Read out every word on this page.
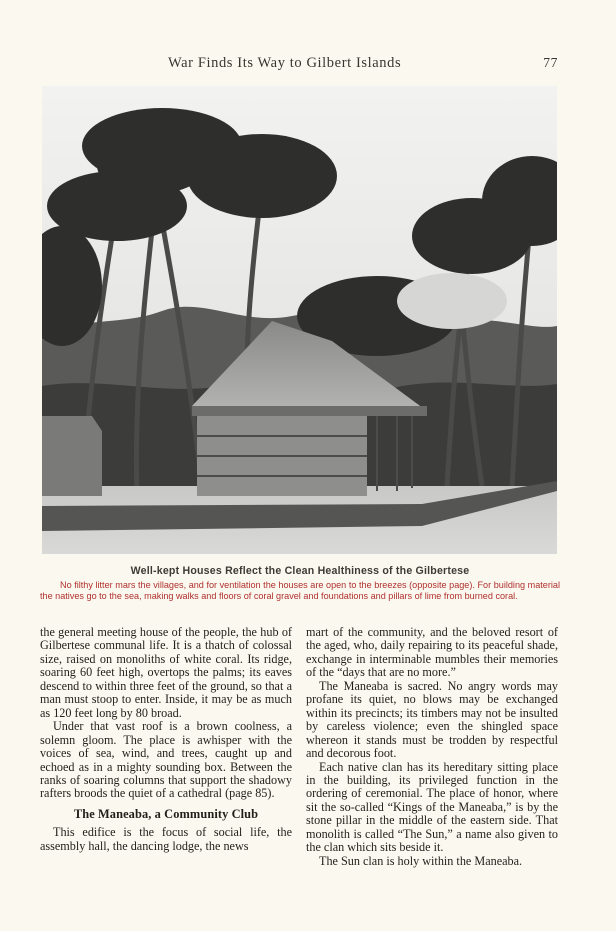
War Finds Its Way to Gilbert Islands	77
Well-kept Houses Reflect the Clean Healthiness of the Gilbertese
No filthy litter mars the villages, and for ventilation the houses are open to the breezes (opposite page). For building material the natives go to the sea, making walks and floors of coral gravel and foundations and pillars of lime from burned coral.

the general meeting house of the people, the hub of Gilbertese communal life. It is a thatch of colossal size, raised on monoliths of white coral. Its ridge, soaring 60 feet high, overtops the palms; its eaves descend to within three feet of the ground, so that a man must stoop to enter. Inside, it may be as much as 120 feet long by 80 broad.

Under that vast roof is a brown coolness, a solemn gloom. The place is awhisper with the voices of sea, wind, and trees, caught up and echoed as in a mighty sounding box. Between the ranks of soaring columns that support the shadowy rafters broods the quiet of a cathedral (page 85).

The Maneaba, a Community Club

This edifice is the focus of social life, the assembly hall, the dancing lodge, the news

mart of the community, and the beloved resort of the aged, who, daily repairing to its peaceful shade, exchange in interminable mumbles their memories of the “days that are no more.”

The Maneaba is sacred. No angry words may profane its quiet, no blows may be exchanged within its precincts; its timbers may not be insulted by careless violence; even the shingled space whereon it stands must be trodden by respectful and decorous foot.

Each native clan has its hereditary sitting place in the building, its privileged function in the ordering of ceremonial. The place of honor, where sit the so-called “Kings of the Maneaba,” is by the stone pillar in the middle of the eastern side. That monolith is called “The Sun,” a name also given to the clan which sits beside it.

The Sun clan is holy within the Maneaba.
